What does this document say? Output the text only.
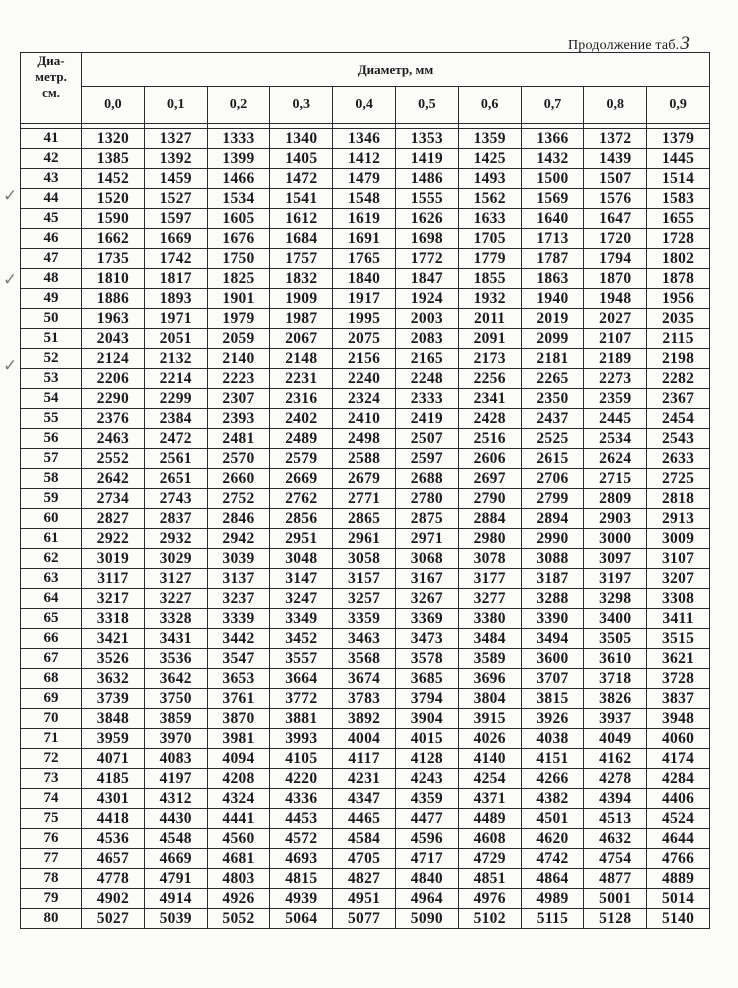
Продолжение таб.3
✓
✓
✓
Диа-
метр.
см.	Диаметр, мм									
	0,0	0,1	0,2	0,3	0,4	0,5	0,6	0,7	0,8	0,9

41	1320	1327	1333	1340	1346	1353	1359	1366	1372	1379
42	1385	1392	1399	1405	1412	1419	1425	1432	1439	1445
43	1452	1459	1466	1472	1479	1486	1493	1500	1507	1514
44	1520	1527	1534	1541	1548	1555	1562	1569	1576	1583
45	1590	1597	1605	1612	1619	1626	1633	1640	1647	1655
46	1662	1669	1676	1684	1691	1698	1705	1713	1720	1728
47	1735	1742	1750	1757	1765	1772	1779	1787	1794	1802
48	1810	1817	1825	1832	1840	1847	1855	1863	1870	1878
49	1886	1893	1901	1909	1917	1924	1932	1940	1948	1956
50	1963	1971	1979	1987	1995	2003	2011	2019	2027	2035
51	2043	2051	2059	2067	2075	2083	2091	2099	2107	2115
52	2124	2132	2140	2148	2156	2165	2173	2181	2189	2198
53	2206	2214	2223	2231	2240	2248	2256	2265	2273	2282
54	2290	2299	2307	2316	2324	2333	2341	2350	2359	2367
55	2376	2384	2393	2402	2410	2419	2428	2437	2445	2454
56	2463	2472	2481	2489	2498	2507	2516	2525	2534	2543
57	2552	2561	2570	2579	2588	2597	2606	2615	2624	2633
58	2642	2651	2660	2669	2679	2688	2697	2706	2715	2725
59	2734	2743	2752	2762	2771	2780	2790	2799	2809	2818
60	2827	2837	2846	2856	2865	2875	2884	2894	2903	2913
61	2922	2932	2942	2951	2961	2971	2980	2990	3000	3009
62	3019	3029	3039	3048	3058	3068	3078	3088	3097	3107
63	3117	3127	3137	3147	3157	3167	3177	3187	3197	3207
64	3217	3227	3237	3247	3257	3267	3277	3288	3298	3308
65	3318	3328	3339	3349	3359	3369	3380	3390	3400	3411
66	3421	3431	3442	3452	3463	3473	3484	3494	3505	3515
67	3526	3536	3547	3557	3568	3578	3589	3600	3610	3621
68	3632	3642	3653	3664	3674	3685	3696	3707	3718	3728
69	3739	3750	3761	3772	3783	3794	3804	3815	3826	3837
70	3848	3859	3870	3881	3892	3904	3915	3926	3937	3948
71	3959	3970	3981	3993	4004	4015	4026	4038	4049	4060
72	4071	4083	4094	4105	4117	4128	4140	4151	4162	4174
73	4185	4197	4208	4220	4231	4243	4254	4266	4278	4284
74	4301	4312	4324	4336	4347	4359	4371	4382	4394	4406
75	4418	4430	4441	4453	4465	4477	4489	4501	4513	4524
76	4536	4548	4560	4572	4584	4596	4608	4620	4632	4644
77	4657	4669	4681	4693	4705	4717	4729	4742	4754	4766
78	4778	4791	4803	4815	4827	4840	4851	4864	4877	4889
79	4902	4914	4926	4939	4951	4964	4976	4989	5001	5014
80	5027	5039	5052	5064	5077	5090	5102	5115	5128	5140
